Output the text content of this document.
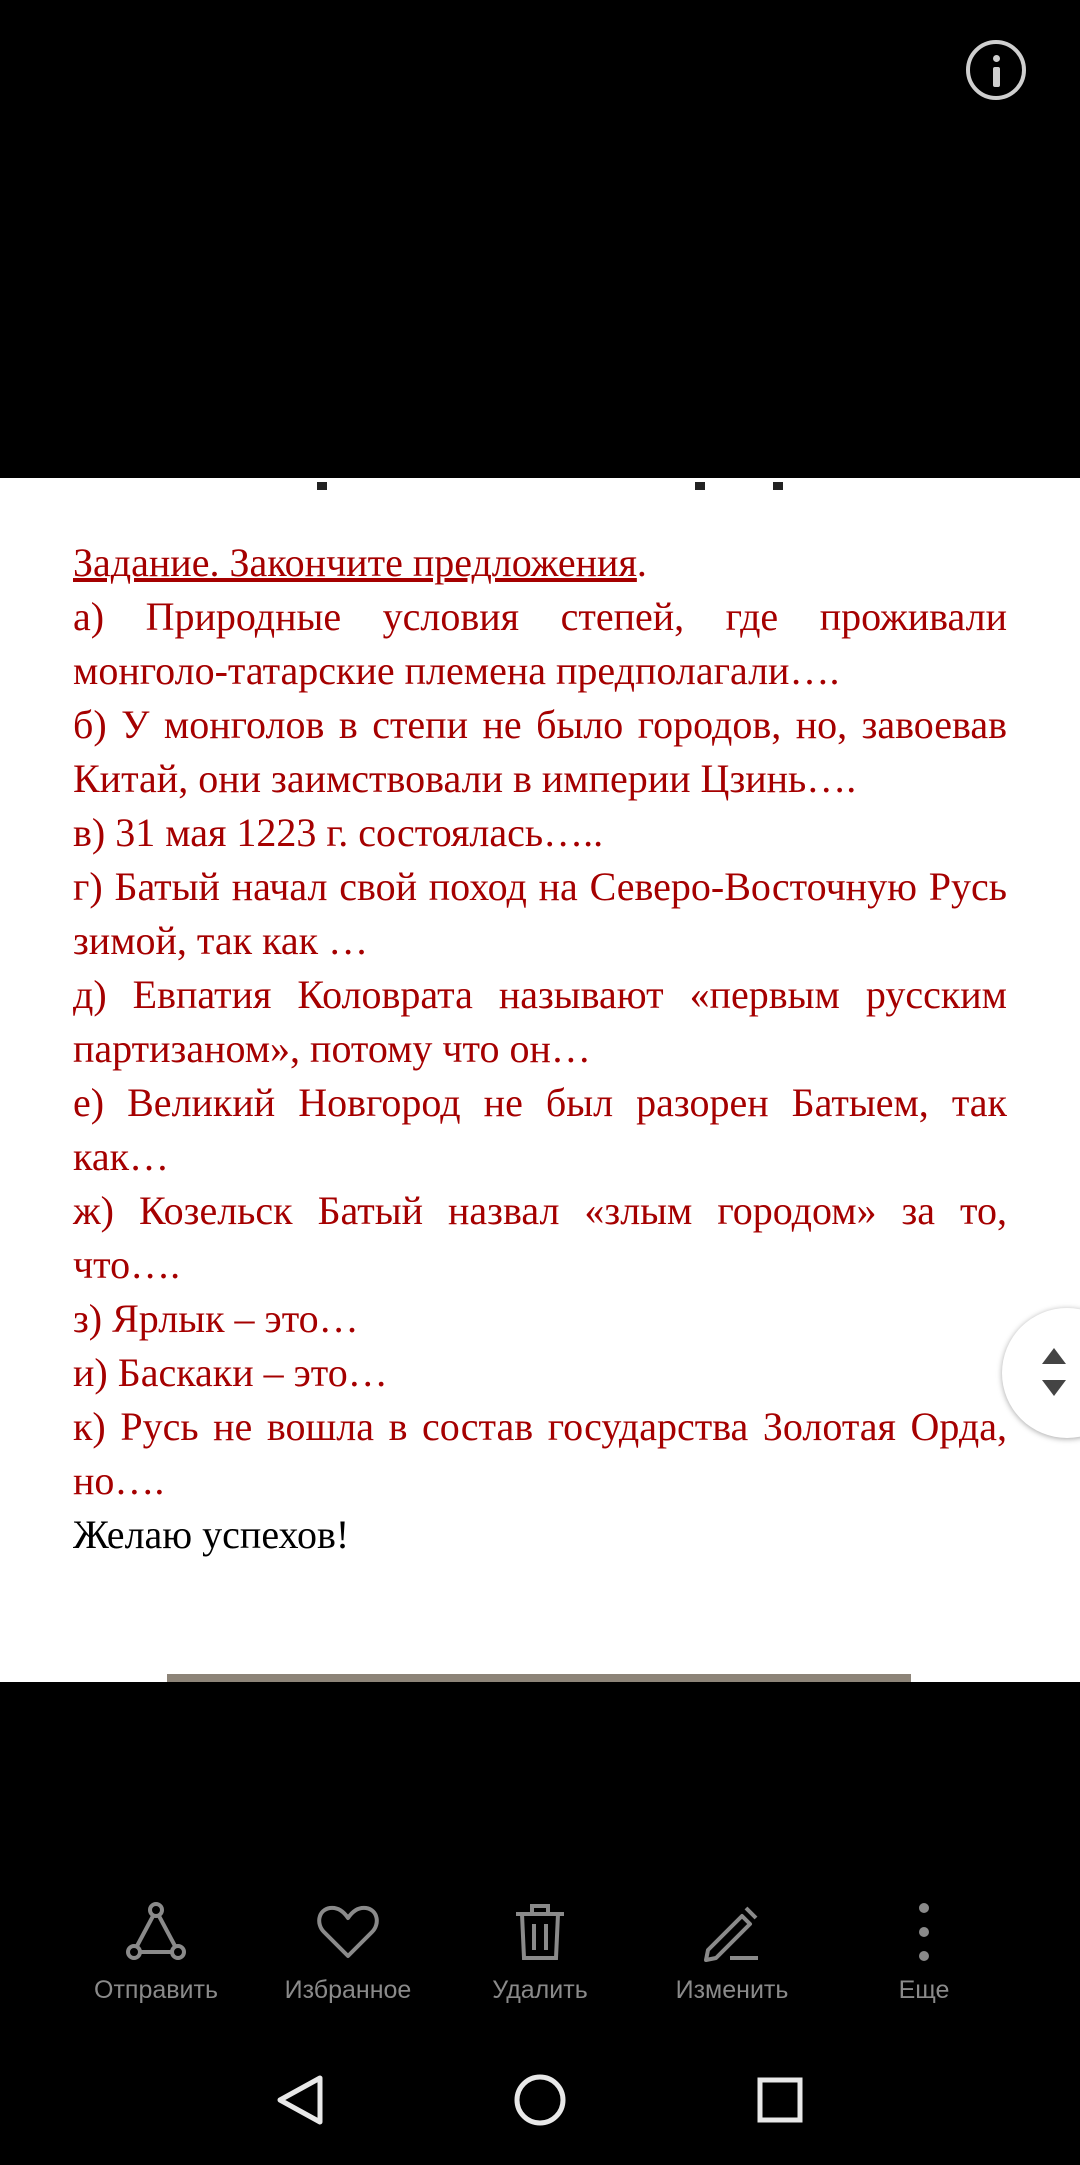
Задание. Закончите предложения.

а) Природные условия степей, где проживали монголо-татарские племена предполагали….

б) У монголов в степи не было городов, но, завоевав Китай, они заимствовали в империи Цзинь….

в) 31 мая 1223 г. состоялась…..

г) Батый начал свой поход на Северо-Восточную Русь зимой, так как …

д) Евпатия Коловрата называют «первым русским партизаном», потому что он…

е) Великий Новгород не был разорен Батыем, так как…

ж) Козельск Батый назвал «злым городом» за то, что….

з) Ярлык – это…

и) Баскаки – это…

к) Русь не вошла в состав государства Золотая Орда, но….

Желаю успехов!

Отправить	Избранное	Удалить	Изменить	Еще
